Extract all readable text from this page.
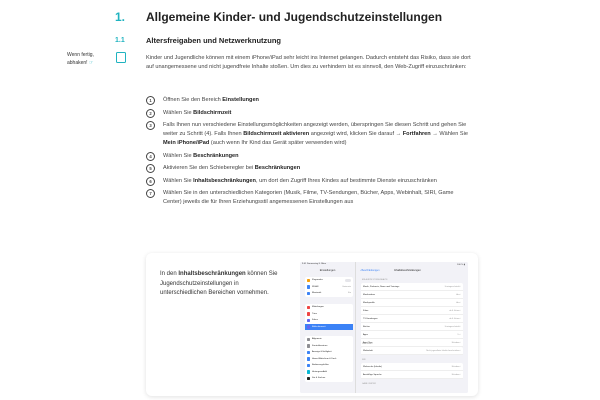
1. Allgemeine Kinder- und Jugendschutzeinstellungen
1.1	Altersfreigaben und Netzwerknutzung
Wenn fertig,
abhaken! ☞
Kinder und Jugendliche können mit einem iPhone/iPad sehr leicht ins Internet gelangen. Dadurch entsteht das Risiko, dass sie dort auf unangemessene und nicht jugendfreie Inhalte stoßen. Um dies zu verhindern ist es sinnvoll, den Web-Zugriff einzuschränken:
1	Öffnen Sie den Bereich Einstellungen
2	Wählen Sie Bildschirmzeit
3	Falls Ihnen nun verschiedene Einstellungsmöglichkeiten angezeigt werden, überspringen Sie diesen Schritt und gehen Sie weiter zu Schritt (4). Falls Ihnen Bildschirmzeit aktivieren angezeigt wird, klicken Sie darauf → Fortfahren → Wählen Sie Mein iPhone/iPad (auch wenn Ihr Kind das Gerät später verwenden wird)
4	Wählen Sie Beschränkungen
5	Aktivieren Sie den Schieberegler bei Beschränkungen
6	Wählen Sie Inhaltsbeschränkungen, um dort den Zugriff Ihres Kindes auf bestimmte Dienste einzuschränken
7	Wählen Sie in den unterschiedlichen Kategorien (Musik, Filme, TV-Sendungen, Bücher, Apps, Webinhalt, SIRI, Game Center) jeweils die für Ihren Erziehungsstil angemessenen Einstellungen aus
In den Inhaltsbeschränkungen können Sie Jugendschutzeinstellungen in unterschiedlichen Bereichen vornehmen.
9:41 Donnerstag 5. März
Einstellungen
Flugmodus
WLAN	Heimnetz
Bluetooth	Ein
Mitteilungen
Töne
Fokus
Bildschirmzeit
Allgemein
Kontrollzentrum
Anzeige & Helligkeit
Home-Bildschirm & Dock
Bedienungshilfen
Hintergrundbild
Siri & Suchen
100 % ▮
‹ Beschränkungen	Inhaltsbeschränkungen
ERLAUBTE STORE-INHALTE
Musik, Podcasts, News und Trainings	Uneingeschränkt ›
Musikvideos	Aus ›
Musikprofile	Aus ›
Filme	ab 6 Jahren ›
TV-Sendungen	ab 6 Jahren ›
Bücher	Uneingeschränkt ›
Apps	9+ ›
App-Clips	Erlauben ›
WEBINHALT
Webinhalt	Nicht jugendfreie Inhalte beschränken ›
SIRI
Websuche (Inhalte)	Erlauben ›
Anstößige Sprache	Erlauben ›
GAME CENTER
